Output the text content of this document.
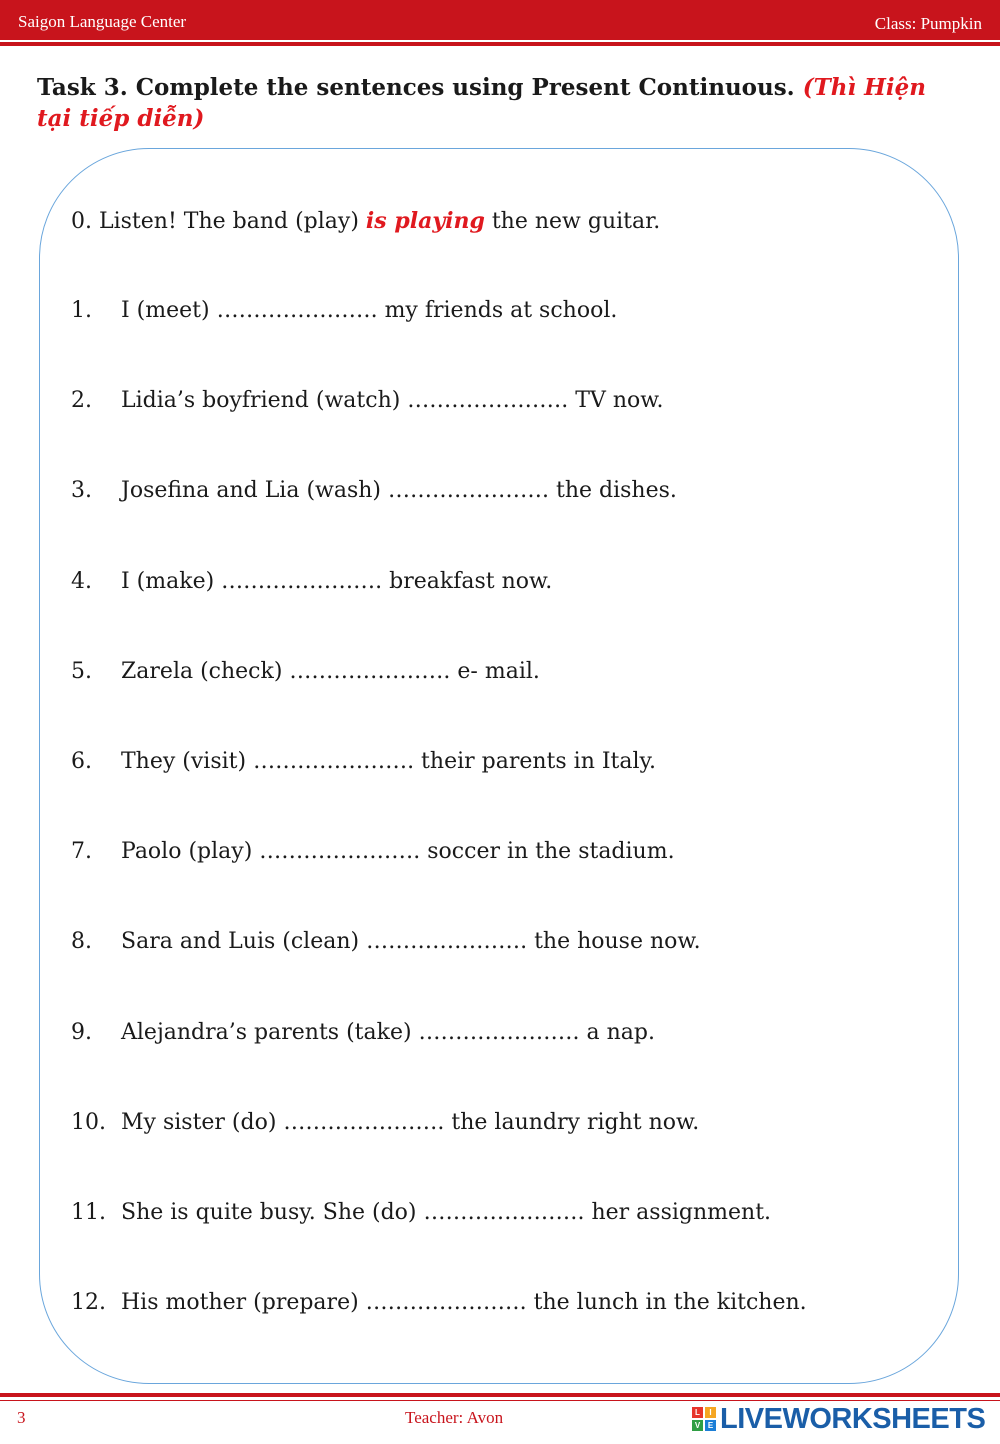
Saigon Language Center	Class: Pumpkin
Task 3. Complete the sentences using Present Continuous. (Thì Hiện tại tiếp diễn)
0. Listen! The band (play) is playing the new guitar.
1. I (meet) …………………. my friends at school.
2. Lidia’s boyfriend (watch) …………………. TV now.
3. Josefina and Lia (wash) …………………. the dishes.
4. I (make) …………………. breakfast now.
5. Zarela (check) …………………. e- mail.
6. They (visit) …………………. their parents in Italy.
7. Paolo (play) …………………. soccer in the stadium.
8. Sara and Luis (clean) …………………. the house now.
9. Alejandra’s parents (take) …………………. a nap.
10. My sister (do) …………………. the laundry right now.
11. She is quite busy. She (do) …………………. her assignment.
12. His mother (prepare) …………………. the lunch in the kitchen.
3	Teacher: Avon	L	I
V E LIVEWORKSHEETS
